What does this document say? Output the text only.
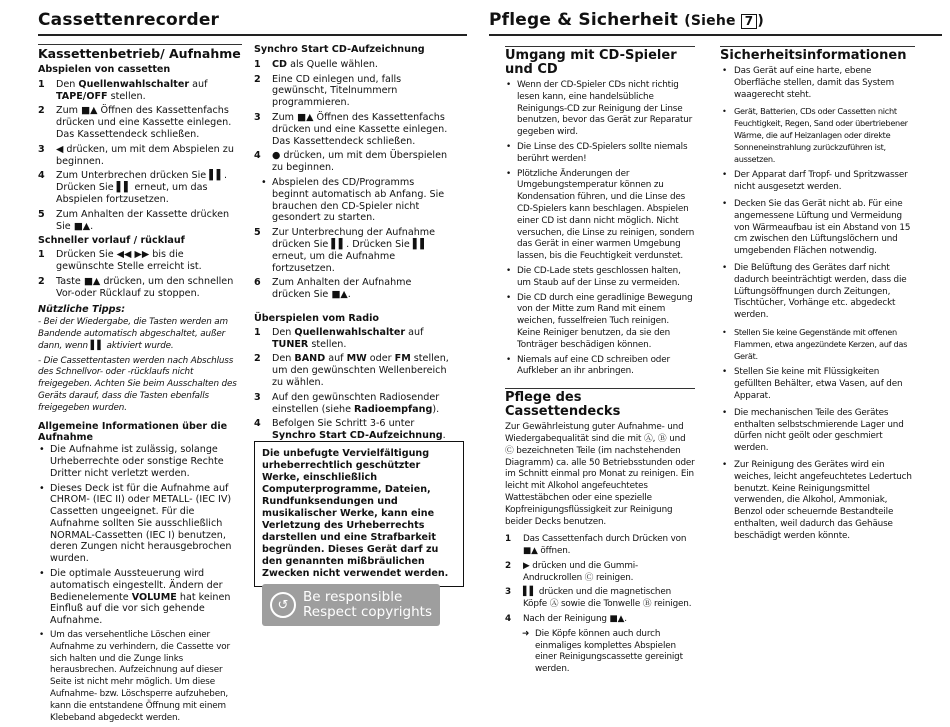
Cassettenrecorder
Kassettenbetrieb/ Aufnahme

Abspielen von cassetten

1 Den Quellenwahlschalter auf TAPE/OFF stellen.
2 Zum ■▲ Öffnen des Kassettenfachs drücken und eine Kassette einlegen. Das Kassettendeck schließen.
3 ◀ drücken, um mit dem Abspielen zu beginnen.
4 Zum Unterbrechen drücken Sie ▌▌. Drücken Sie ▌▌ erneut, um das Abspielen fortzusetzen.
5 Zum Anhalten der Kassette drücken Sie ■▲.

Schneller vorlauf / rücklauf

1 Drücken Sie ◀◀ ▶▶ bis die gewünschte Stelle erreicht ist.
2 Taste ■▲ drücken, um den schnellen Vor-oder Rücklauf zu stoppen.

Nützliche Tipps:

- Bei der Wiedergabe, die Tasten werden am Bandende automatisch abgeschaltet, außer dann, wenn ▌▌ aktiviert wurde.

- Die Cassettentasten werden nach Abschluss des Schnellvor- oder -rücklaufs nicht freigegeben. Achten Sie beim Ausschalten des Geräts darauf, dass die Tasten ebenfalls freigegeben wurden.

Allgemeine Informationen über die Aufnahme

• Die Aufnahme ist zulässig, solange Urheberrechte oder sonstige Rechte Dritter nicht verletzt werden.
• Dieses Deck ist für die Aufnahme auf CHROM- (IEC II) oder METALL- (IEC IV) Cassetten ungeeignet. Für die Aufnahme sollten Sie ausschließlich NORMAL-Cassetten (IEC I) benutzen, deren Zungen nicht herausgebrochen wurden.
• Die optimale Aussteuerung wird automatisch eingestellt. Ändern der Bedienelemente VOLUME hat keinen Einfluß auf die vor sich gehende Aufnahme.
• Um das versehentliche Löschen einer Aufnahme zu verhindern, die Cassette vor sich halten und die Zunge links herausbrechen. Aufzeichnung auf dieser Seite ist nicht mehr möglich. Um diese Aufnahme- bzw. Löschsperre aufzuheben, kann die entstandene Öffnung mit einem Klebeband abgedeckt werden.

Synchro Start CD-Aufzeichnung

1 CD als Quelle wählen.
2 Eine CD einlegen und, falls gewünscht, Titelnummern programmieren.
3 Zum ■▲ Öffnen des Kassettenfachs drücken und eine Kassette einlegen. Das Kassettendeck schließen.
4 ● drücken, um mit dem Überspielen zu beginnen.
• Abspielen des CD/Programms beginnt automatisch ab Anfang. Sie brauchen den CD-Spieler nicht gesondert zu starten.
5 Zur Unterbrechung der Aufnahme drücken Sie ▌▌. Drücken Sie ▌▌ erneut, um die Aufnahme fortzusetzen.
6 Zum Anhalten der Aufnahme drücken Sie ■▲.

Überspielen vom Radio

1 Den Quellenwahlschalter auf TUNER stellen.
2 Den BAND auf MW oder FM stellen, um den gewünschten Wellenbereich zu wählen.
3 Auf den gewünschten Radiosender einstellen (siehe Radioempfang).
4 Befolgen Sie Schritt 3-6 unter Synchro Start CD-Aufzeichnung.
Die unbefugte Vervielfältigung urheberrechtlich geschützter Werke, einschließlich Computerprogramme, Dateien, Rundfunksendungen und musikalischer Werke, kann eine Verletzung des Urheberrechts darstellen und eine Strafbarkeit begründen. Dieses Gerät darf zu den genannten mißbräulichen Zwecken nicht verwendet werden.
↺	Be responsible
Respect copyrights
Pflege & Sicherheit (Siehe 7 )
Umgang mit CD-Spieler und CD
• Wenn der CD-Spieler CDs nicht richtig lesen kann, eine handelsübliche Reinigungs-CD zur Reinigung der Linse benutzen, bevor das Gerät zur Reparatur gegeben wird.
• Die Linse des CD-Spielers sollte niemals berührt werden!
• Plötzliche Änderungen der Umgebungstemperatur können zu Kondensation führen, und die Linse des CD-Spielers kann beschlagen. Abspielen einer CD ist dann nicht möglich. Nicht versuchen, die Linse zu reinigen, sondern das Gerät in einer warmen Umgebung lassen, bis die Feuchtigkeit verdunstet.
• Die CD-Lade stets geschlossen halten, um Staub auf der Linse zu vermeiden.
• Die CD durch eine geradlinige Bewegung von der Mitte zum Rand mit einem weichen, fusselfreien Tuch reinigen. Keine Reiniger benutzen, da sie den Tonträger beschädigen können.
• Niemals auf eine CD schreiben oder Aufkleber an ihr anbringen.
Pflege des Cassettendecks

Zur Gewährleistung guter Aufnahme- und Wiedergabequalität sind die mit Ⓐ, Ⓑ und Ⓒ bezeichneten Teile (im nachstehenden Diagramm) ca. alle 50 Betriebsstunden oder im Schnitt einmal pro Monat zu reinigen. Ein leicht mit Alkohol angefeuchtetes Wattestäbchen oder eine spezielle Kopfreinigungsflüssigkeit zur Reinigung beider Decks benutzen.

1 Das Cassettenfach durch Drücken von ■▲ öffnen.
2 ▶ drücken und die Gummi-Andruckrollen Ⓒ reinigen.
3 ▌▌ drücken und die magnetischen Köpfe Ⓐ sowie die Tonwelle Ⓑ reinigen.
4 Nach der Reinigung ■▲.
➜ Die Köpfe können auch durch einmaliges komplettes Abspielen einer Reinigungscassette gereinigt werden.
Sicherheitsinformationen
• Das Gerät auf eine harte, ebene Oberfläche stellen, damit das System waagerecht steht.
• Gerät, Batterien, CDs oder Cassetten nicht Feuchtigkeit, Regen, Sand oder übertriebener Wärme, die auf Heizanlagen oder direkte Sonneneinstrahlung zurückzuführen ist, aussetzen.
• Der Apparat darf Tropf- und Spritzwasser nicht ausgesetzt werden.
• Decken Sie das Gerät nicht ab. Für eine angemessene Lüftung und Vermeidung von Wärmeaufbau ist ein Abstand von 15 cm zwischen den Lüftungslöchern und umgebenden Flächen notwendig.
• Die Belüftung des Gerätes darf nicht dadurch beeinträchtigt werden, dass die Lüftungsöffnungen durch Zeitungen, Tischtücher, Vorhänge etc. abgedeckt werden.
• Stellen Sie keine Gegenstände mit offenen Flammen, etwa angezündete Kerzen, auf das Gerät.
• Stellen Sie keine mit Flüssigkeiten gefüllten Behälter, etwa Vasen, auf den Apparat.
• Die mechanischen Teile des Gerätes enthalten selbstschmierende Lager und dürfen nicht geölt oder geschmiert werden.
• Zur Reinigung des Gerätes wird ein weiches, leicht angefeuchtetes Ledertuch benutzt. Keine Reinigungsmittel verwenden, die Alkohol, Ammoniak, Benzol oder scheuernde Bestandteile enthalten, weil dadurch das Gehäuse beschädigt werden könnte.
